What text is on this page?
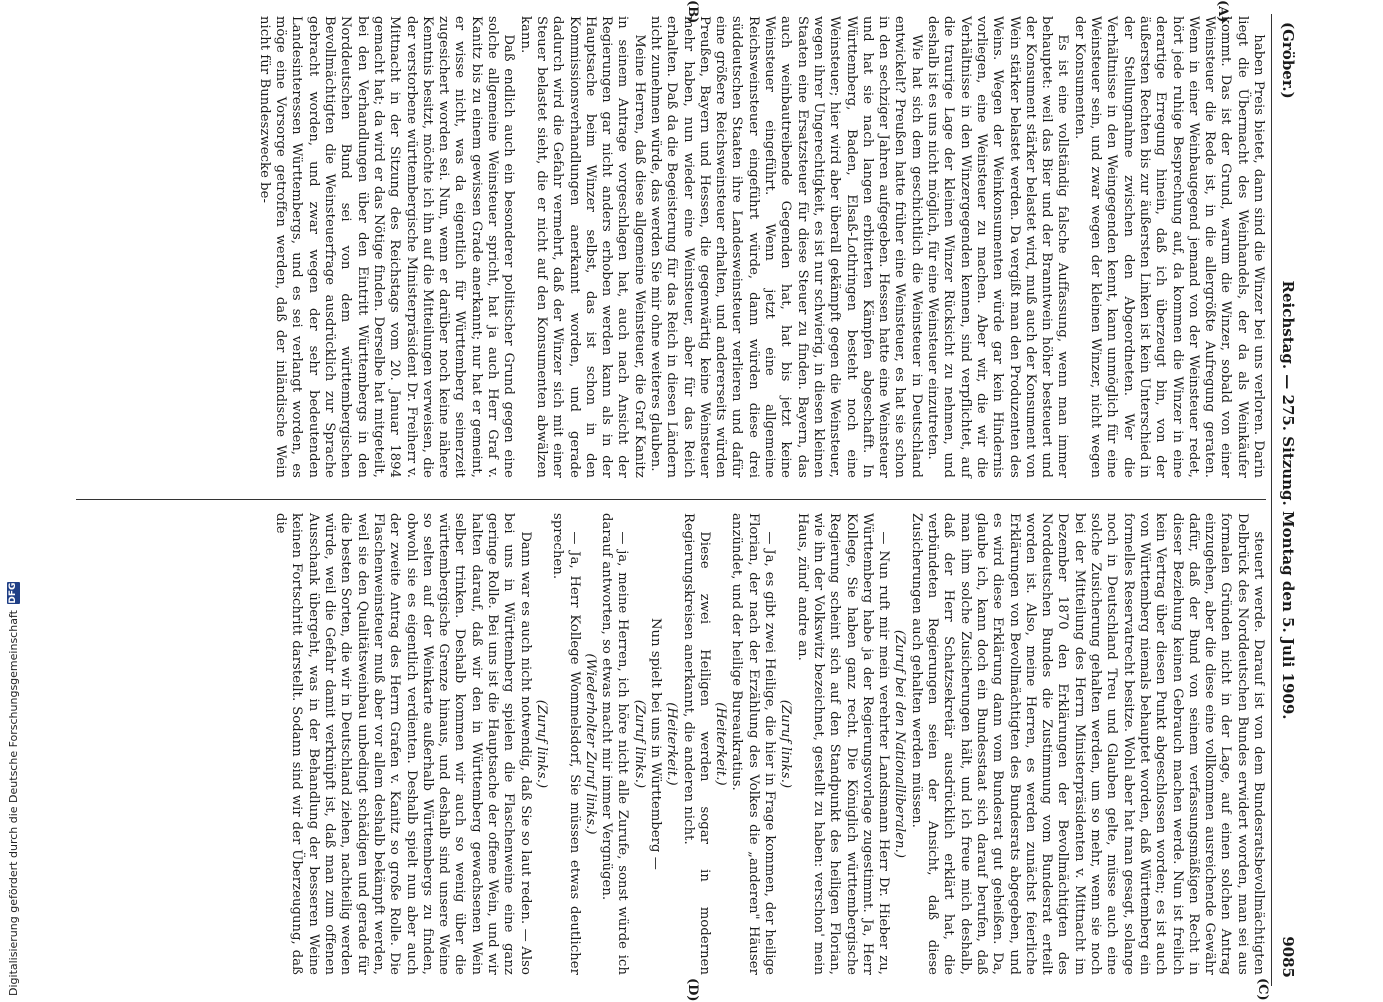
(Gröber.)
Reichstag. — 275. Sitzung. Montag den 5. Juli 1909.
9085
(A)
(B)
(C)
(D)

haben Preis bietet, dann sind die Winzer bei uns verloren. Darin liegt die Übermacht des Weinhandels, der da als Weinkäufer kommt. Das ist der Grund, warum die Winzer, sobald von einer Weinsteuer die Rede ist, in die allergrößte Aufregung geraten. Wenn in einer Weinbaugegend jemand von der Weinsteuer redet, hört jede ruhige Besprechung auf, da kommen die Winzer in eine derartige Erregung hinein, daß ich überzeugt bin, von der äußersten Rechten bis zur äußersten Linken ist kein Unterschied in der Stellungnahme zwischen den Abgeordneten. Wer die Verhältnisse in den Weingegenden kennt, kann unmöglich für eine Weinsteuer sein, und zwar wegen der kleinen Winzer, nicht wegen der Konsumenten.

Es ist eine vollständig falsche Auffassung, wenn man immer behauptet: weil das Bier und der Branntwein höher besteuert und der Konsument stärker belastet wird, muß auch der Konsument von Wein stärker belastet werden. Da vergißt man den Produzenten des Weins. Wegen der Weinkonsumenten würde gar kein Hindernis vorliegen, eine Weinsteuer zu machen. Aber wir, die wir die Verhältnisse in den Winzergegenden kennen, sind verpflichtet, auf die traurige Lage der kleinen Winzer Rücksicht zu nehmen, und deshalb ist es uns nicht möglich, für eine Weinsteuer einzutreten.

Wie hat sich dem geschichtlich die Weinsteuer in Deutschland entwickelt? Preußen hatte früher eine Weinsteuer, es hat sie schon in den sechziger Jahren aufgegeben. Hessen hatte eine Weinsteuer und hat sie nach langen erbitterten Kämpfen abgeschafft. In Württemberg, Baden, Elsaß-Lothringen besteht noch eine Weinsteuer; hier wird aber überall gekämpft gegen die Weinsteuer, wegen ihrer Ungerechtigkeit, es ist nur schwierig, in diesen kleinen Staaten eine Ersatzsteuer für diese Steuer zu finden. Bayern, das auch weinbautreibende Gegenden hat, hat bis jetzt keine Weinsteuer eingeführt. Wenn jetzt eine allgemeine Reichsweinsteuer eingeführt würde, dann würden diese drei süddeutschen Staaten ihre Landesweinsteuer verlieren und dafür eine größere Reichsweinsteuer erhalten, und andererseits würden Preußen, Bayern und Hessen, die gegenwärtig keine Weinsteuer mehr haben, nun wieder eine Weinsteuer, aber für das Reich erhalten. Daß da die Begeisterung für das Reich in diesen Ländern nicht zunehmen würde, das werden Sie mir ohne weiteres glauben.

Meine Herren, daß diese allgemeine Weinsteuer, die Graf Kanitz in seinem Antrage vorgeschlagen hat, auch nach Ansicht der Regierungen gar nicht anders erhoben werden kann als in der Hauptsache beim Winzer selbst, das ist schon in den Kommissionsverhandlungen anerkannt worden, und gerade dadurch wird die Gefahr vermehrt, daß der Winzer sich mit einer Steuer belastet sieht, die er nicht auf den Konsumenten abwälzen kann.

Daß endlich auch ein besonderer politischer Grund gegen eine solche allgemeine Weinsteuer spricht, hat ja auch Herr Graf v. Kanitz bis zu einem gewissen Grade anerkannt; nur hat er gemeint, er wisse nicht, was da eigentlich für Württemberg seinerzeit zugesichert worden sei. Nun, wenn er darüber noch keine nähere Kenntnis besitzt, möchte ich ihn auf die Mitteilungen verweisen, die der verstorbene württembergische Ministerpräsident Dr. Freiherr v. Mittnacht in der Sitzung des Reichstags vom 20. Januar 1894 gemacht hat; da wird er das Nötige finden. Derselbe hat mitgeteilt, bei den Verhandlungen über den Eintritt Württembergs in den Norddeutschen Bund sei von dem württembergischen Bevollmächtigten die Weinsteuerfrage ausdrücklich zur Sprache gebracht worden, und zwar wegen der sehr bedeutenden Landesinteressen Württembergs, und es sei verlangt worden, es möge eine Vorsorge getroffen werden, daß der inländische Wein nicht für Bundeszwecke be-

steuert werde. Darauf ist von dem Bundesratsbevollmächtigten Delbrück des Norddeutschen Bundes erwidert worden, man sei aus formalen Gründen nicht in der Lage, auf einen solchen Antrag einzugehen, aber die diese eine vollkommen ausreichende Gewähr dafür, daß der Bund von seinem verfassungsmäßigen Recht in dieser Beziehung keinen Gebrauch machen werde. Nun ist freilich kein Vertrag über diesen Punkt abgeschlossen worden; es ist auch von Württemberg niemals behauptet worden, daß Württemberg ein formelles Reservatrecht besitze. Wohl aber hat man gesagt, solange noch in Deutschland Treu und Glauben gelte, müsse auch eine solche Zusicherung gehalten werden, um so mehr, wenn sie noch bei der Mitteilung des Herrn Ministerpräsidenten v. Mittnacht im Dezember 1870 den Erklärungen der Bevollmächtigten des Norddeutschen Bundes die Zustimmung vom Bundesrat erteilt worden ist. Also, meine Herren, es werden zunächst feierliche Erklärungen von Bevollmächtigten des Bundesrats abgegeben, und es wird diese Erklärung dann vom Bundesrat gut geheißen. Da, glaube ich, kann doch ein Bundesstaat sich darauf berufen, daß man ihm solche Zusicherungen hält, und ich freue mich deshalb, daß der Herr Schatzsekretär ausdrücklich erklärt hat, die verbündeten Regierungen seien der Ansicht, daß diese Zusicherungen auch gehalten werden müssen.

(Zuruf bei den Nationalliberalen.)

— Nun ruft mir mein verehrter Landsmann Herr Dr. Hieber zu, Württemberg habe ja der Regierungsvorlage zugestimmt. Ja, Herr Kollege, Sie haben ganz recht. Die Königlich württembergische Regierung scheint sich auf den Standpunkt des heiligen Florian, wie ihn der Volkswitz bezeichnet, gestellt zu haben: verschon' mein Haus, zünd' andre an.

(Zuruf links.)

— Ja, es gibt zwei Heilige, die hier in Frage kommen, der heilige Florian, der nach der Erzählung des Volkes die „anderen" Häuser anzündet, und der heilige Bureaukratius.

(Heiterkeit.)

Diese zwei Heiligen werden sogar in modernen Regierungskreisen anerkannt, die anderen nicht.

(Heiterkeit.)

Nun spielt bei uns in Württemberg —

(Zuruf links.)

— ja, meine Herren, ich höre nicht alle Zurufe, sonst würde ich darauf antworten, so etwas macht mir immer Vergnügen.

(Wiederholter Zuruf links.)

— Ja, Herr Kollege Wommelsdorf, Sie müssen etwas deutlicher sprechen.

(Zuruf links.)

Dann war es auch nicht notwendig, daß Sie so laut reden. — Also bei uns in Württemberg spielen die Flaschenweine eine ganz geringe Rolle. Bei uns ist die Hauptsache der offene Wein, und wir halten darauf, daß wir den in Württemberg gewachsenen Wein selber trinken. Deshalb kommen wir auch so wenig über die württembergische Grenze hinaus, und deshalb sind unsere Weine so selten auf der Weinkarte außerhalb Württembergs zu finden, obwohl sie es eigentlich verdienten. Deshalb spielt nun aber auch der zweite Antrag des Herrn Grafen v. Kanitz so große Rolle. Die Flaschenweinsteuer muß aber vor allem deshalb bekämpft werden, weil sie den Qualitätsweinbau unbedingt schädigen und gerade für die besten Sorten, die wir in Deutschland ziehen, nachteilig werden würde, weil die Gefahr damit verknüpft ist, daß man zum offenen Ausschank übergeht, was in der Behandlung der besseren Weine keinen Fortschritt darstellt. Sodann sind wir der Überzeugung, daß die

Digitalisierung gefördert durch die Deutsche Forschungsgemeinschaft
DFG
